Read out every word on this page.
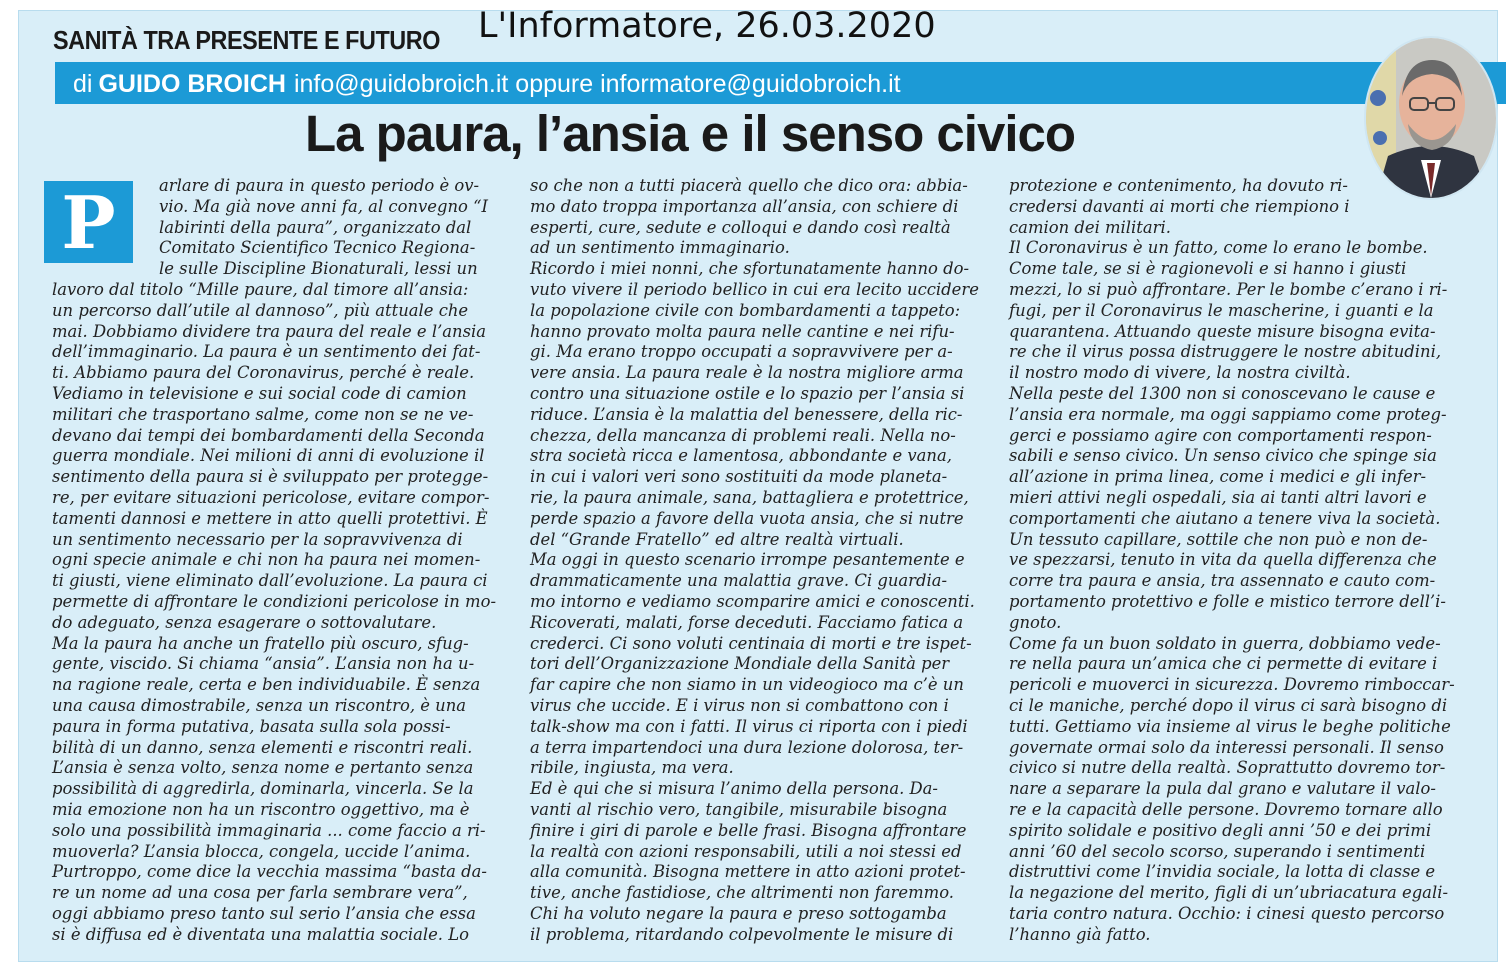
SANITÀ TRA PRESENTE E FUTURO
di GUIDO BROICH info@guidobroich.it oppure informatore@guidobroich.it
L'Informatore, 26.03.2020
La paura, l’ansia e il senso civico
P	arlare di paura in questo periodo è ov-
vio. Ma già nove anni fa, al convegno “I
labirinti della paura”, organizzato dal
Comitato Scientifico Tecnico Regiona-
le sulle Discipline Bionaturali, lessi un
lavoro dal titolo “Mille paure, dal timore all’ansia:
un percorso dall’utile al dannoso”, più attuale che
mai. Dobbiamo dividere tra paura del reale e l’ansia
dell’immaginario. La paura è un sentimento dei fat-
ti. Abbiamo paura del Coronavirus, perché è reale.
Vediamo in televisione e sui social code di camion
militari che trasportano salme, come non se ne ve-
devano dai tempi dei bombardamenti della Seconda
guerra mondiale. Nei milioni di anni di evoluzione il
sentimento della paura si è sviluppato per protegge-
re, per evitare situazioni pericolose, evitare compor-
tamenti dannosi e mettere in atto quelli protettivi. È
un sentimento necessario per la sopravvivenza di
ogni specie animale e chi non ha paura nei momen-
ti giusti, viene eliminato dall’evoluzione. La paura ci
permette di affrontare le condizioni pericolose in mo-
do adeguato, senza esagerare o sottovalutare.
Ma la paura ha anche un fratello più oscuro, sfug-
gente, viscido. Si chiama “ansia”. L’ansia non ha u-
na ragione reale, certa e ben individuabile. È senza
una causa dimostrabile, senza un riscontro, è una
paura in forma putativa, basata sulla sola possi-
bilità di un danno, senza elementi e riscontri reali.
L’ansia è senza volto, senza nome e pertanto senza
possibilità di aggredirla, dominarla, vincerla. Se la
mia emozione non ha un riscontro oggettivo, ma è
solo una possibilità immaginaria ... come faccio a ri-
muoverla? L’ansia blocca, congela, uccide l’anima.
Purtroppo, come dice la vecchia massima “basta da-
re un nome ad una cosa per farla sembrare vera”,
oggi abbiamo preso tanto sul serio l’ansia che essa
si è diffusa ed è diventata una malattia sociale. Lo
so che non a tutti piacerà quello che dico ora: abbia-
mo dato troppa importanza all’ansia, con schiere di
esperti, cure, sedute e colloqui e dando così realtà
ad un sentimento immaginario.
Ricordo i miei nonni, che sfortunatamente hanno do-
vuto vivere il periodo bellico in cui era lecito uccidere
la popolazione civile con bombardamenti a tappeto:
hanno provato molta paura nelle cantine e nei rifu-
gi. Ma erano troppo occupati a sopravvivere per a-
vere ansia. La paura reale è la nostra migliore arma
contro una situazione ostile e lo spazio per l’ansia si
riduce. L’ansia è la malattia del benessere, della ric-
chezza, della mancanza di problemi reali. Nella no-
stra società ricca e lamentosa, abbondante e vana,
in cui i valori veri sono sostituiti da mode planeta-
rie, la paura animale, sana, battagliera e protettrice,
perde spazio a favore della vuota ansia, che si nutre
del “Grande Fratello” ed altre realtà virtuali.
Ma oggi in questo scenario irrompe pesantemente e
drammaticamente una malattia grave. Ci guardia-
mo intorno e vediamo scomparire amici e conoscenti.
Ricoverati, malati, forse deceduti. Facciamo fatica a
crederci. Ci sono voluti centinaia di morti e tre ispet-
tori dell’Organizzazione Mondiale della Sanità per
far capire che non siamo in un videogioco ma c’è un
virus che uccide. E i virus non si combattono con i
talk-show ma con i fatti. Il virus ci riporta con i piedi
a terra impartendoci una dura lezione dolorosa, ter-
ribile, ingiusta, ma vera.
Ed è qui che si misura l’animo della persona. Da-
vanti al rischio vero, tangibile, misurabile bisogna
finire i giri di parole e belle frasi. Bisogna affrontare
la realtà con azioni responsabili, utili a noi stessi ed
alla comunità. Bisogna mettere in atto azioni protet-
tive, anche fastidiose, che altrimenti non faremmo.
Chi ha voluto negare la paura e preso sottogamba
il problema, ritardando colpevolmente le misure di
protezione e contenimento, ha dovuto ri-
credersi davanti ai morti che riempiono i
camion dei militari.
Il Coronavirus è un fatto, come lo erano le bombe.
Come tale, se si è ragionevoli e si hanno i giusti
mezzi, lo si può affrontare. Per le bombe c’erano i ri-
fugi, per il Coronavirus le mascherine, i guanti e la
quarantena. Attuando queste misure bisogna evita-
re che il virus possa distruggere le nostre abitudini,
il nostro modo di vivere, la nostra civiltà.
Nella peste del 1300 non si conoscevano le cause e
l’ansia era normale, ma oggi sappiamo come proteg-
gerci e possiamo agire con comportamenti respon-
sabili e senso civico. Un senso civico che spinge sia
all’azione in prima linea, come i medici e gli infer-
mieri attivi negli ospedali, sia ai tanti altri lavori e
comportamenti che aiutano a tenere viva la società.
Un tessuto capillare, sottile che non può e non de-
ve spezzarsi, tenuto in vita da quella differenza che
corre tra paura e ansia, tra assennato e cauto com-
portamento protettivo e folle e mistico terrore dell’i-
gnoto.
Come fa un buon soldato in guerra, dobbiamo vede-
re nella paura un’amica che ci permette di evitare i
pericoli e muoverci in sicurezza. Dovremo rimboccar-
ci le maniche, perché dopo il virus ci sarà bisogno di
tutti. Gettiamo via insieme al virus le beghe politiche
governate ormai solo da interessi personali. Il senso
civico si nutre della realtà. Soprattutto dovremo tor-
nare a separare la pula dal grano e valutare il valo-
re e la capacità delle persone. Dovremo tornare allo
spirito solidale e positivo degli anni ’50 e dei primi
anni ’60 del secolo scorso, superando i sentimenti
distruttivi come l’invidia sociale, la lotta di classe e
la negazione del merito, figli di un’ubriacatura egali-
taria contro natura. Occhio: i cinesi questo percorso
l’hanno già fatto.
